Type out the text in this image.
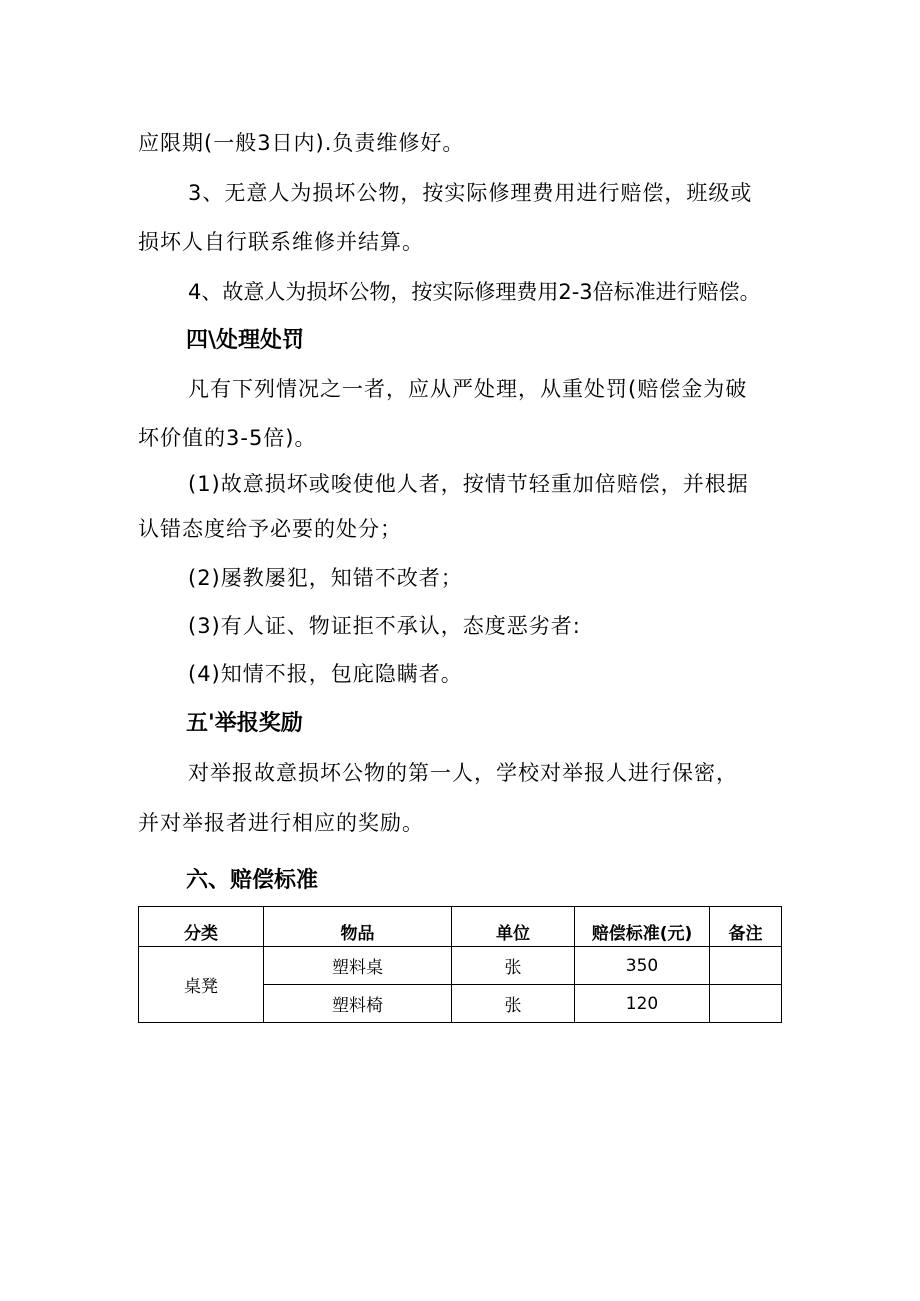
应限期(一般3日内).负责维修好。
3、无意人为损坏公物，按实际修理费用进行赔偿，班级或
损坏人自行联系维修并结算。
4、故意人为损坏公物，按实际修理费用2-3倍标准进行赔偿。
四\处理处罚
凡有下列情况之一者，应从严处理，从重处罚(赔偿金为破
坏价值的3-5倍)。
(1)故意损坏或唆使他人者，按情节轻重加倍赔偿，并根据
认错态度给予必要的处分；
(2)屡教屡犯，知错不改者；
(3)有人证、物证拒不承认，态度恶劣者:
(4)知情不报，包庇隐瞒者。
五'举报奖励
对举报故意损坏公物的第一人，学校对举报人进行保密，
并对举报者进行相应的奖励。
六、赔偿标准
分类	物品	单位	赔偿标准(元)	备注
桌凳	塑料桌	张	350	
	塑料椅	张	120	
